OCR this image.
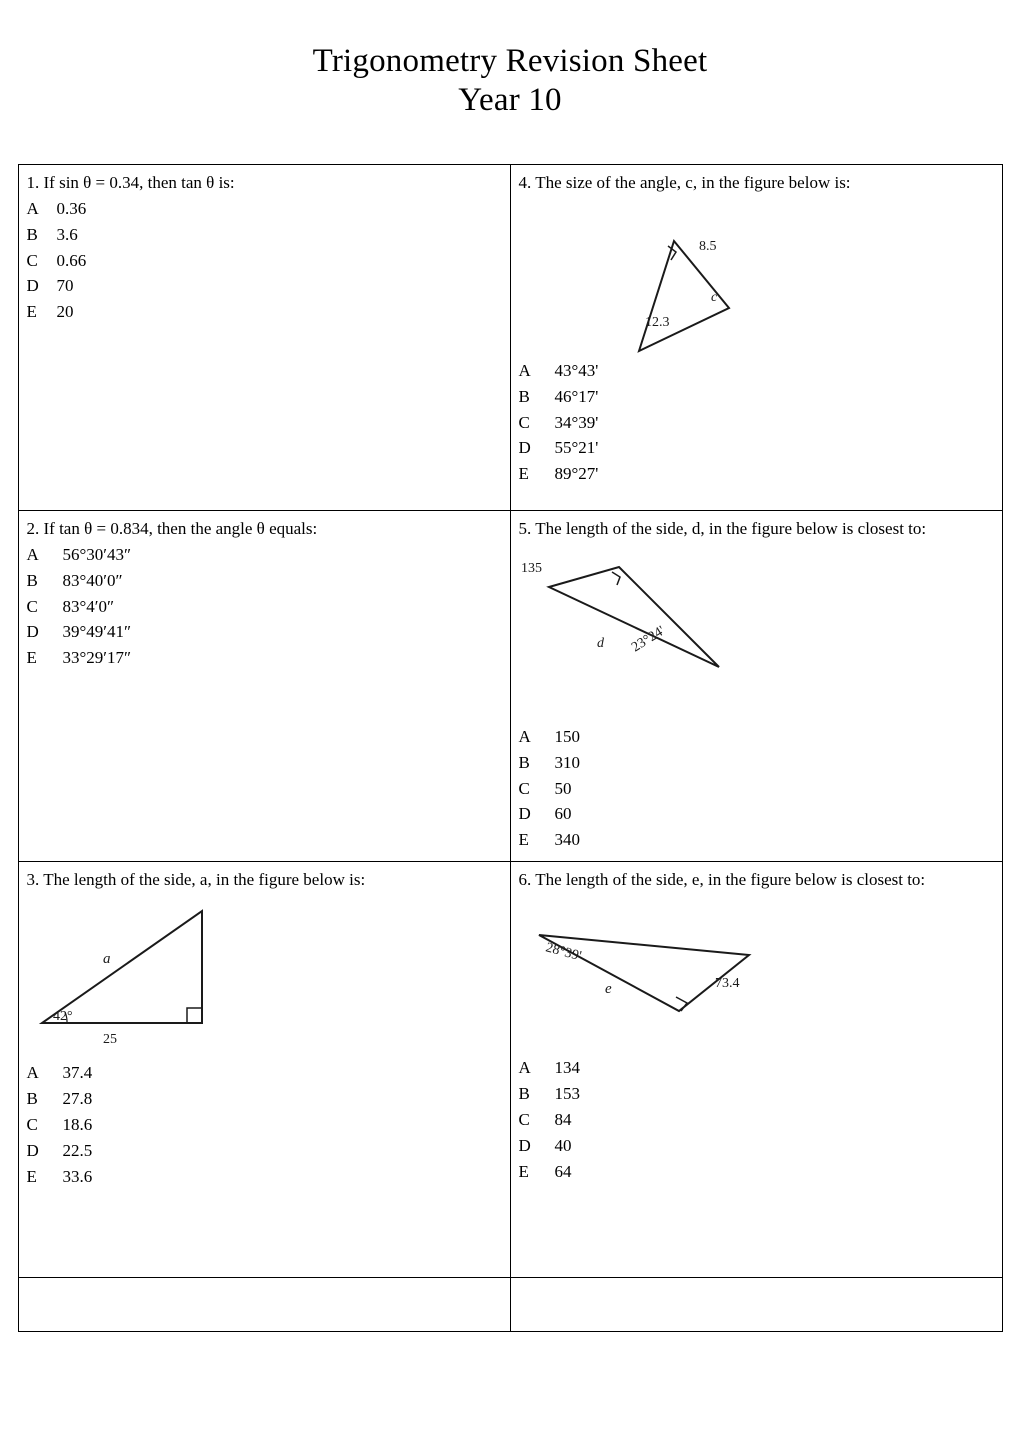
Trigonometry Revision Sheet
Year 10
1. If sin θ = 0.34, then tan θ is:
A	0.36
B	3.6
C	0.66
D	70
E	20

4. The size of the angle, c, in the figure below is:
8.5
c
12.3
A	43°43'
B	46°17'
C	34°39'
D	55°21'
E	89°27'

2. If tan θ = 0.834, then the angle θ equals:
A	56°30′43″
B	83°40′0″
C	83°4′0″
D	39°49′41″
E	33°29′17″

5. The length of the side, d, in the figure below is closest to:
135
d 23°24'
A	150
B	310
C	50
D	60
E	340

3. The length of the side, a, in the figure below is:
a
42°
25
A	37.4
B	27.8
C	18.6
D	22.5
E	33.6

6. The length of the side, e, in the figure below is closest to:
28°39'
e	73.4
A	134
B	153
C	84
D	40
E	64
